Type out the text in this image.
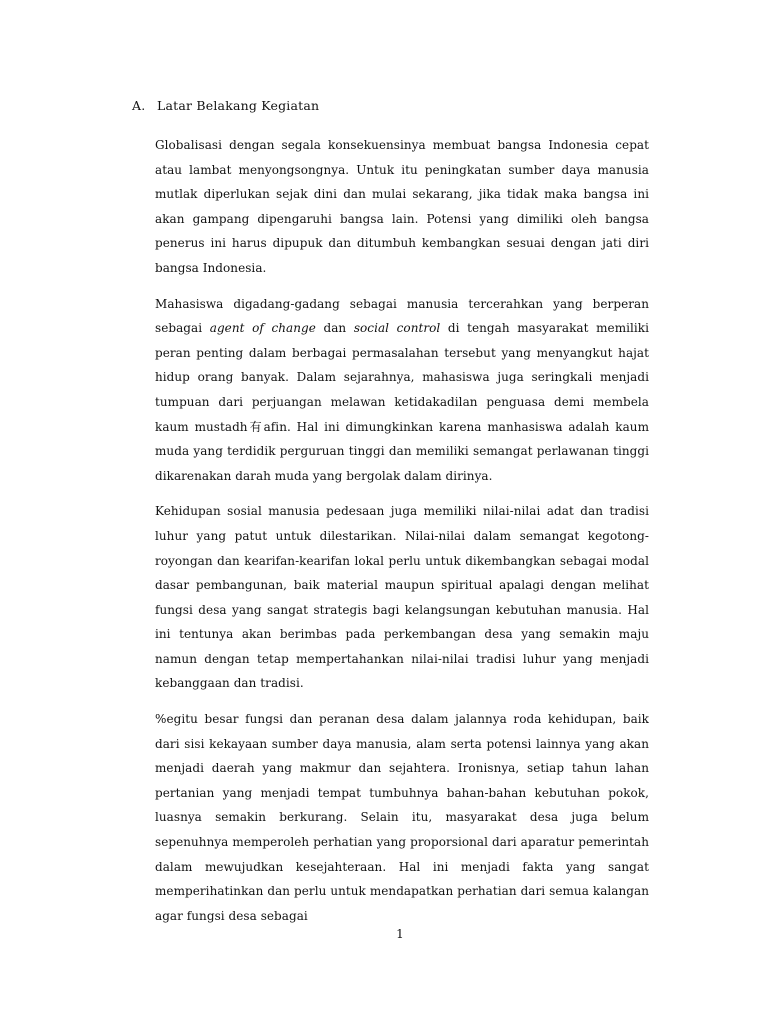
A. Latar Belakang Kegiatan

Globalisasi dengan segala konsekuensinya membuat bangsa Indonesia cepat atau lambat menyongsongnya. Untuk itu peningkatan sumber daya manusia mutlak diperlukan sejak dini dan mulai sekarang, jika tidak maka bangsa ini akan gampang dipengaruhi bangsa lain. Potensi yang dimiliki oleh bangsa penerus ini harus dipupuk dan ditumbuh kembangkan sesuai dengan jati diri bangsa Indonesia.

Mahasiswa digadang-gadang sebagai manusia tercerahkan yang berperan sebagai agent of change dan social control di tengah masyarakat memiliki peran penting dalam berbagai permasalahan tersebut yang menyangkut hajat hidup orang banyak. Dalam sejarahnya, mahasiswa juga seringkali menjadi tumpuan dari perjuangan melawan ketidakadilan penguasa demi membela kaum mustadh有afin. Hal ini dimungkinkan karena manhasiswa adalah kaum muda yang terdidik perguruan tinggi dan memiliki semangat perlawanan tinggi dikarenakan darah muda yang bergolak dalam dirinya.

Kehidupan sosial manusia pedesaan juga memiliki nilai-nilai adat dan tradisi luhur yang patut untuk dilestarikan. Nilai-nilai dalam semangat kegotong-royongan dan kearifan-kearifan lokal perlu untuk dikembangkan sebagai modal dasar pembangunan, baik material maupun spiritual apalagi dengan melihat fungsi desa yang sangat strategis bagi kelangsungan kebutuhan manusia. Hal ini tentunya akan berimbas pada perkembangan desa yang semakin maju namun dengan tetap mempertahankan nilai-nilai tradisi luhur yang menjadi kebanggaan dan tradisi.

%egitu besar fungsi dan peranan desa dalam jalannya roda kehidupan, baik dari sisi kekayaan sumber daya manusia, alam serta potensi lainnya yang akan menjadi daerah yang makmur dan sejahtera. Ironisnya, setiap tahun lahan pertanian yang menjadi tempat tumbuhnya bahan-bahan kebutuhan pokok, luasnya semakin berkurang. Selain itu, masyarakat desa juga belum sepenuhnya memperoleh perhatian yang proporsional dari aparatur pemerintah dalam mewujudkan kesejahteraan. Hal ini menjadi fakta yang sangat memperihatinkan dan perlu untuk mendapatkan perhatian dari semua kalangan agar fungsi desa sebagai

1
